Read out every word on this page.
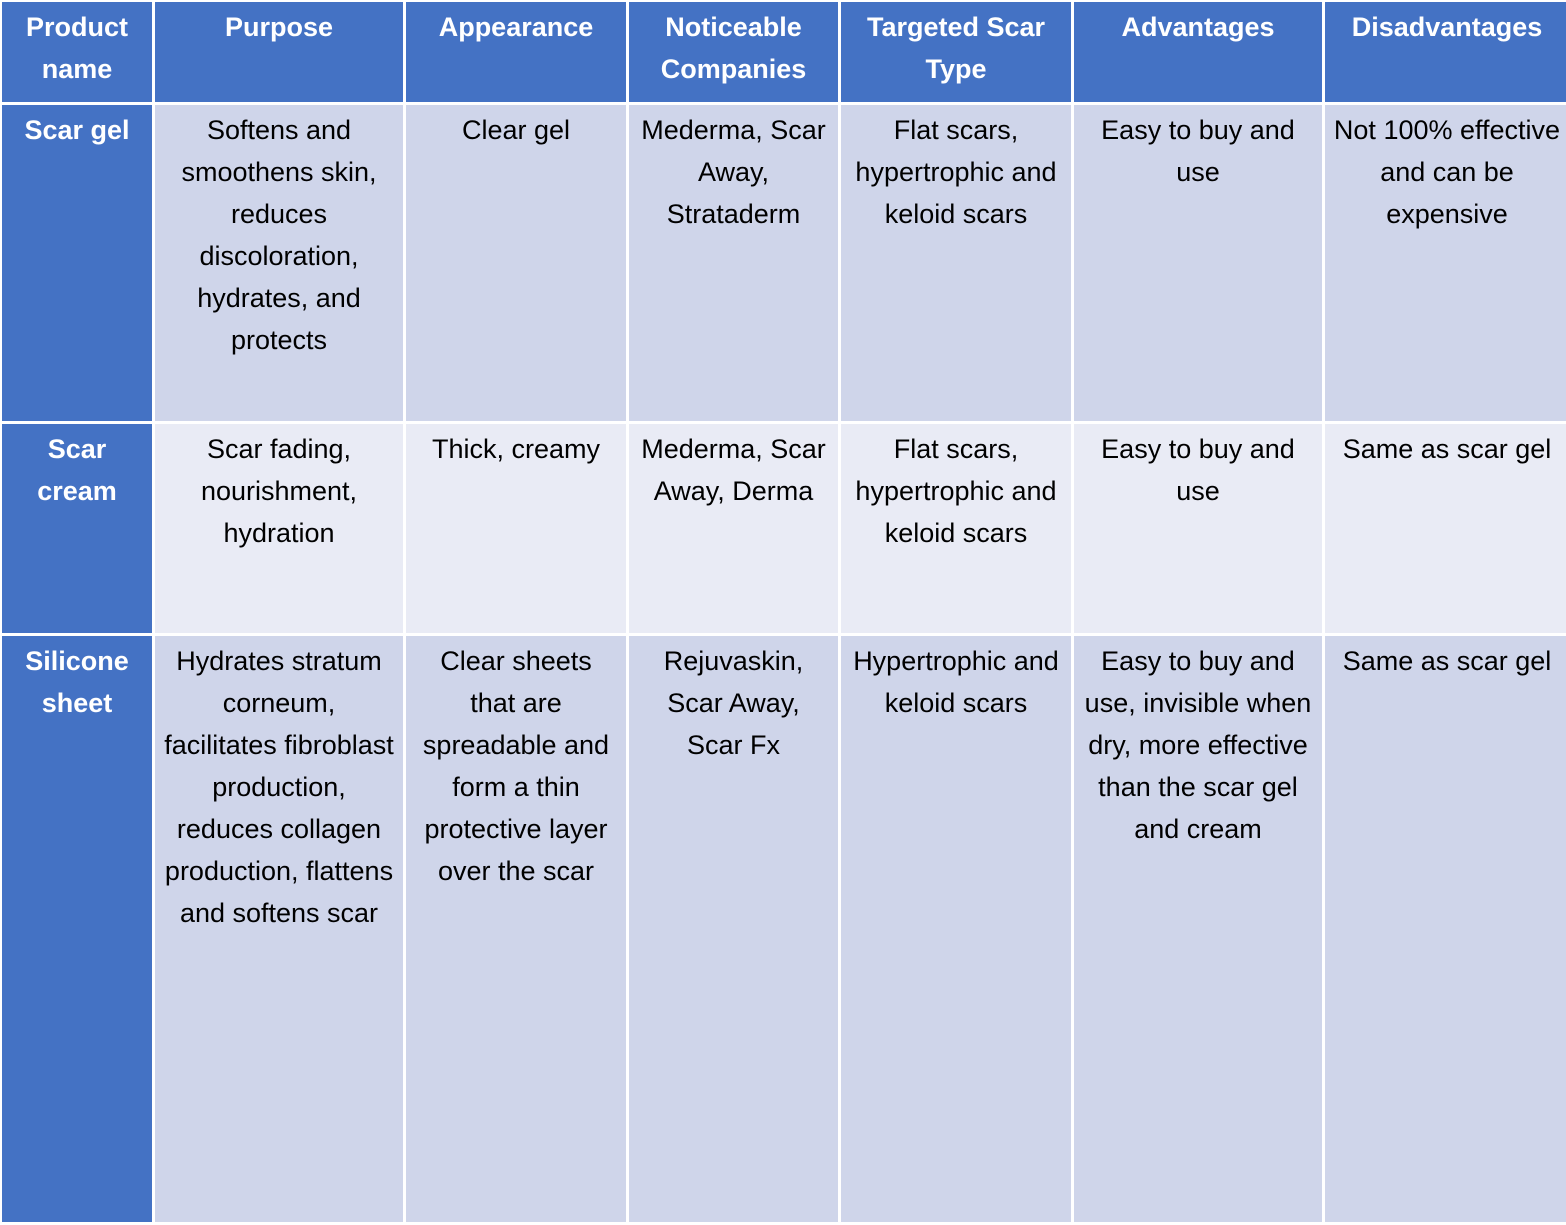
Product name	Purpose	Appearance	Noticeable Companies	Targeted Scar Type	Advantages	Disadvantages
Scar gel	Softens and smoothens skin, reduces discoloration, hydrates, and protects	Clear gel	Mederma, Scar Away, Strataderm	Flat scars, hypertrophic and keloid scars	Easy to buy and use	Not 100% effective and can be expensive
Scar cream	Scar fading, nourishment, hydration	Thick, creamy	Mederma, Scar Away, Derma	Flat scars, hypertrophic and keloid scars	Easy to buy and use	Same as scar gel
Silicone sheet	Hydrates stratum corneum, facilitates fibroblast production, reduces collagen production, flattens and softens scar	Clear sheets that are spreadable and form a thin protective layer over the scar	Rejuvaskin, Scar Away, Scar Fx	Hypertrophic and keloid scars	Easy to buy and use, invisible when dry, more effective than the scar gel and cream	Same as scar gel
